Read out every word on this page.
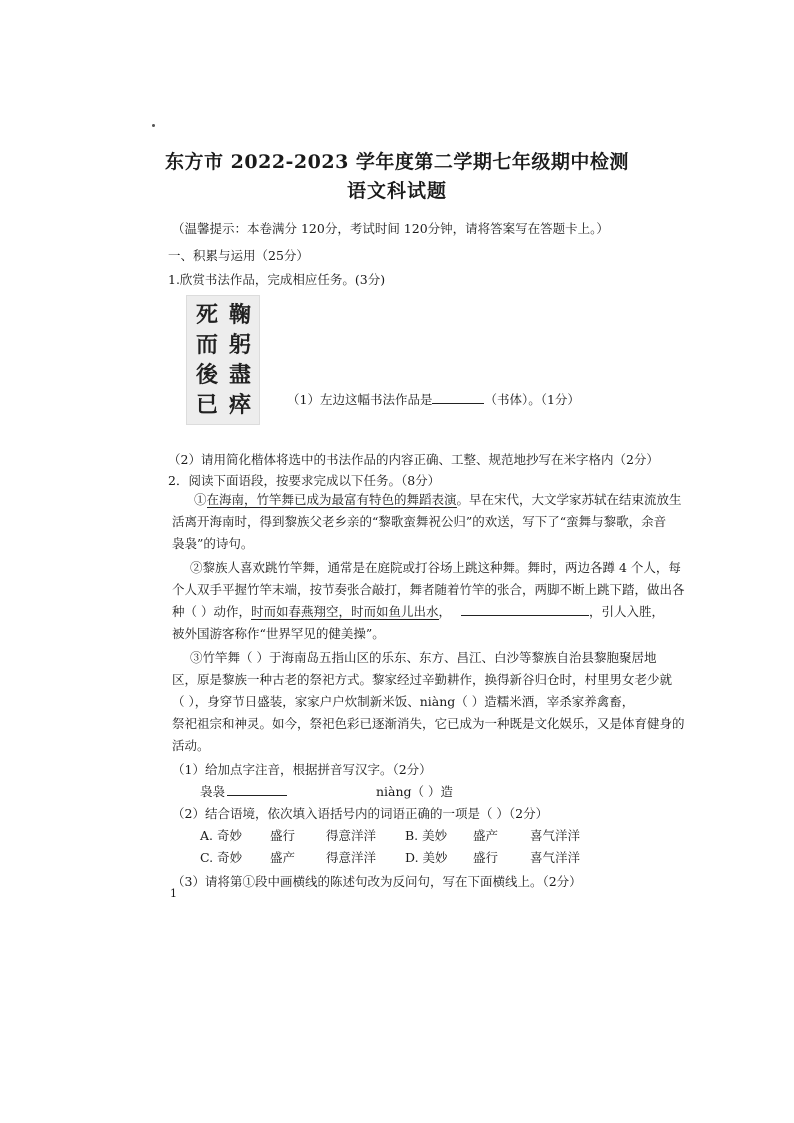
东方市 2022-2023 学年度第二学期七年级期中检测
语文科试题
（温馨提示：本卷满分 120分，考试时间 120分钟，请将答案写在答题卡上。）
一、积累与运用（25分）
1.欣赏书法作品，完成相应任务。(3分)
死
而
後
已
鞠
躬
盡
瘁	（1）左边这幅书法作品是	（书体）。（1分）
（2）请用简化楷体将选中的书法作品的内容正确、工整、规范地抄写在米字格内（2分）
2．阅读下面语段，按要求完成以下任务。（8分）
①在海南，竹竿舞已成为最富有特色的舞蹈表演。早在宋代，大文学家苏轼在结束流放生
活离开海南时，得到黎族父老乡亲的“黎歌蛮舞祝公归”的欢送，写下了“蛮舞与黎歌，余音
袅袅”的诗句。
②黎族人喜欢跳竹竿舞，通常是在庭院或打谷场上跳这种舞。舞时，两边各蹲 4 个人，每
个人双手平握竹竿末端，按节奏张合敲打，舞者随着竹竿的张合，两脚不断上跳下踏，做出各
种（ ）动作，时而如春燕翔空，时而如鱼儿出水，	，引人入胜，
被外国游客称作“世界罕见的健美操”。
③竹竿舞（ ）于海南岛五指山区的乐东、东方、昌江、白沙等黎族自治县黎胞聚居地
区，原是黎族一种古老的祭祀方式。黎家经过辛勤耕作，换得新谷归仓时，村里男女老少就
（ ），身穿节日盛装，家家户户炊制新米饭、niàng（ ）造糯米酒，宰杀家养禽畜，
祭祀祖宗和神灵。如今，祭祀色彩已逐渐消失，它已成为一种既是文化娱乐，又是体育健身的
活动。
（1）给加点字注音，根据拼音写汉字。（2分）
袅袅	niàng（ ）造
（2）结合语境，依次填入语括号内的词语正确的一项是（ ）（2分）
A. 奇妙 盛行 得意洋洋 B. 美妙 盛产	喜气洋洋
C. 奇妙 盛产 得意洋洋 D. 美妙 盛行	喜气洋洋
（3）请将第①段中画横线的陈述句改为反问句，写在下面横线上。（2分）
1
